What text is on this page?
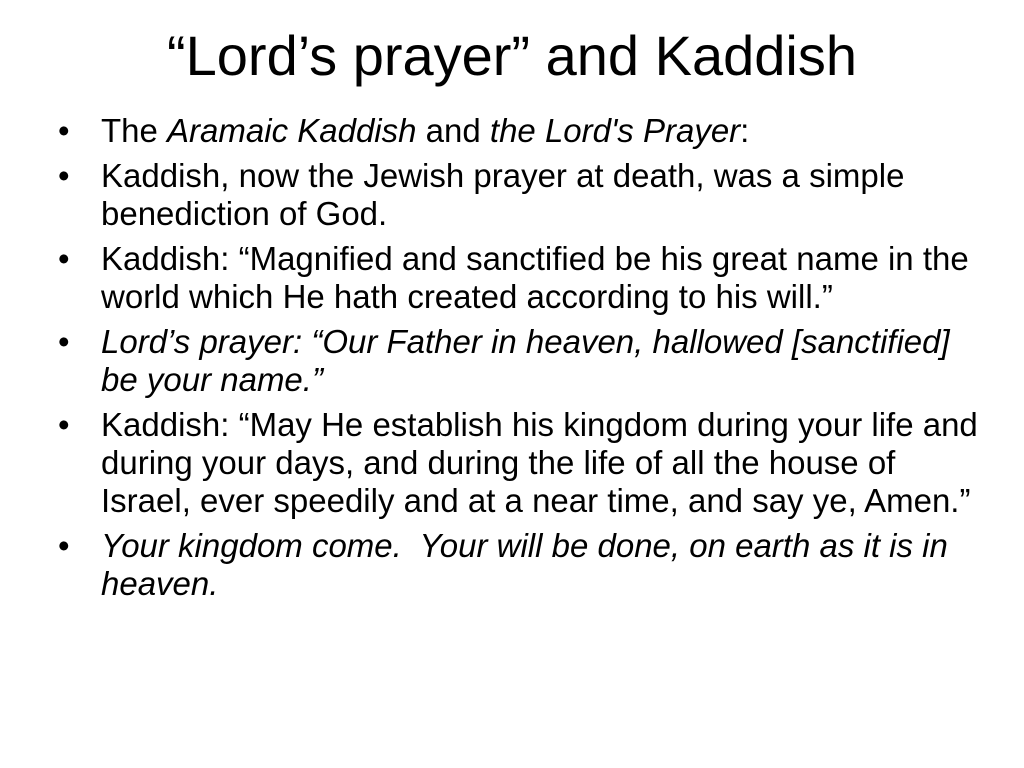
“Lord’s prayer” and Kaddish
• The Aramaic Kaddish and the Lord's Prayer:
• Kaddish, now the Jewish prayer at death, was a simple benediction of God.
• Kaddish: “Magnified and sanctified be his great name in the world which He hath created according to his will.”
• Lord’s prayer: “Our Father in heaven, hallowed [sanctified] be your name.”
• Kaddish: “May He establish his kingdom during your life and during your days, and during the life of all the house of Israel, ever speedily and at a near time, and say ye, Amen.”
• Your kingdom come.  Your will be done, on earth as it is in heaven.
